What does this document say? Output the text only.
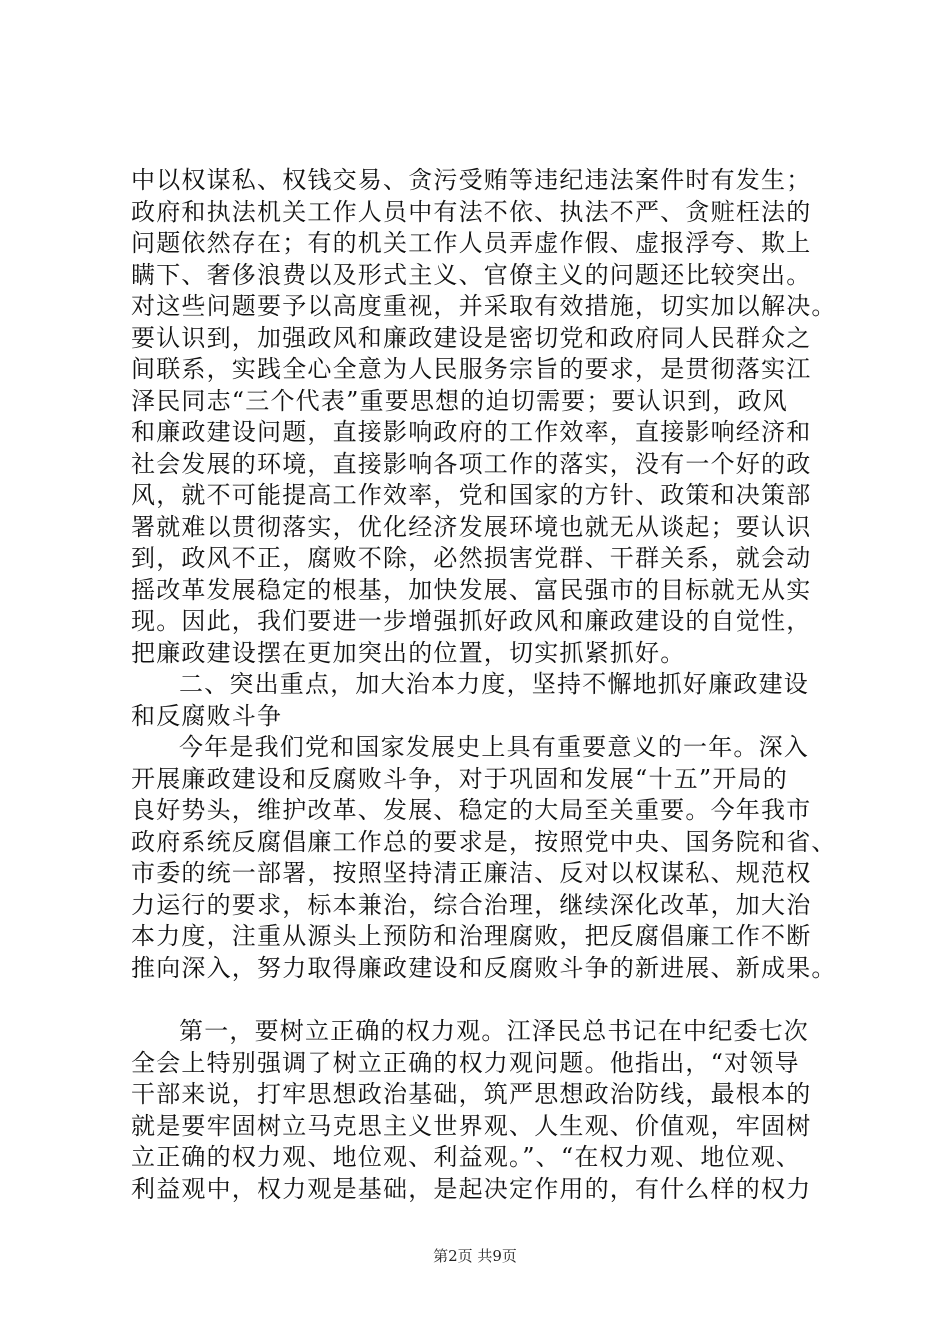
中以权谋私、权钱交易、贪污受贿等违纪违法案件时有发生；
政府和执法机关工作人员中有法不依、执法不严、贪赃枉法的
问题依然存在；有的机关工作人员弄虚作假、虚报浮夸、欺上
瞒下、奢侈浪费以及形式主义、官僚主义的问题还比较突出。
对这些问题要予以高度重视，并采取有效措施，切实加以解决。
要认识到，加强政风和廉政建设是密切党和政府同人民群众之
间联系，实践全心全意为人民服务宗旨的要求，是贯彻落实江
泽民同志“三个代表”重要思想的迫切需要；要认识到，政风
和廉政建设问题，直接影响政府的工作效率，直接影响经济和
社会发展的环境，直接影响各项工作的落实，没有一个好的政
风，就不可能提高工作效率，党和国家的方针、政策和决策部
署就难以贯彻落实，优化经济发展环境也就无从谈起；要认识
到，政风不正，腐败不除，必然损害党群、干群关系，就会动
摇改革发展稳定的根基，加快发展、富民强市的目标就无从实
现。因此，我们要进一步增强抓好政风和廉政建设的自觉性，
把廉政建设摆在更加突出的位置，切实抓紧抓好。
二、突出重点，加大治本力度，坚持不懈地抓好廉政建设
和反腐败斗争
今年是我们党和国家发展史上具有重要意义的一年。深入
开展廉政建设和反腐败斗争，对于巩固和发展“十五”开局的
良好势头，维护改革、发展、稳定的大局至关重要。今年我市
政府系统反腐倡廉工作总的要求是，按照党中央、国务院和省、
市委的统一部署，按照坚持清正廉洁、反对以权谋私、规范权
力运行的要求，标本兼治，综合治理，继续深化改革，加大治
本力度，注重从源头上预防和治理腐败，把反腐倡廉工作不断
推向深入，努力取得廉政建设和反腐败斗争的新进展、新成果。
第一，要树立正确的权力观。江泽民总书记在中纪委七次
全会上特别强调了树立正确的权力观问题。他指出，“对领导
干部来说，打牢思想政治基础，筑严思想政治防线，最根本的
就是要牢固树立马克思主义世界观、人生观、价值观，牢固树
立正确的权力观、地位观、利益观。”、“在权力观、地位观、
利益观中，权力观是基础，是起决定作用的，有什么样的权力
第2页 共9页
